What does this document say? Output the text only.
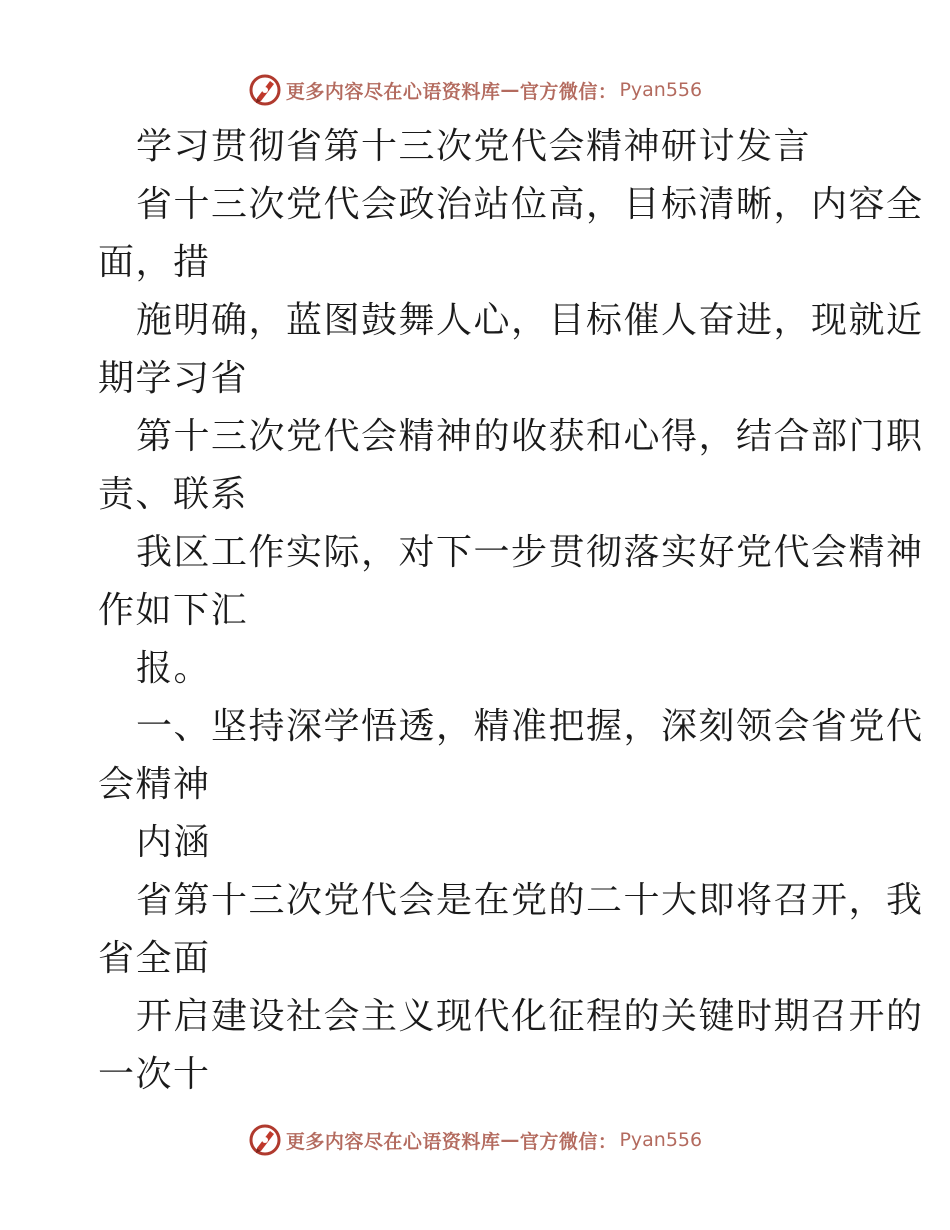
更多内容尽在心语资料库 — 官方微信： Pyan556
学习贯彻省第十三次党代会精神研讨发言
省十三次党代会政治站位高，目标清晰，内容全
面，措
施明确，蓝图鼓舞人心，目标催人奋进，现就近
期学习省
第十三次党代会精神的收获和心得，结合部门职
责、联系
我区工作实际，对下一步贯彻落实好党代会精神
作如下汇
报。
一、坚持深学悟透，精准把握，深刻领会省党代
会精神
内涵
省第十三次党代会是在党的二十大即将召开，我
省全面
开启建设社会主义现代化征程的关键时期召开的
一次十
更多内容尽在心语资料库 — 官方微信： Pyan556
